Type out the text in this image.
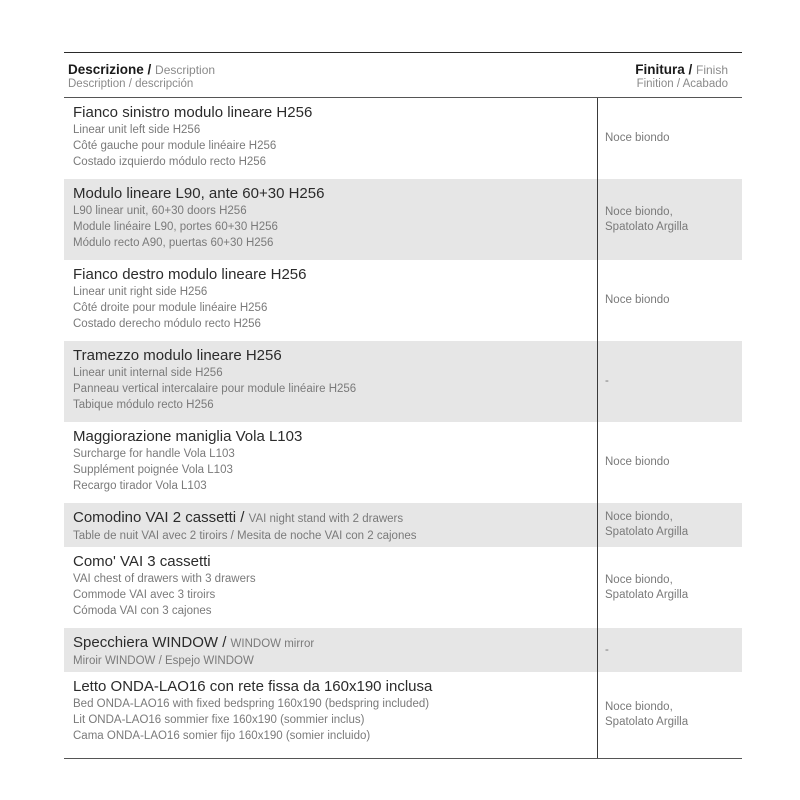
Descrizione / Description
Description / descripción
Finitura / Finish
Finition / Acabado
Fianco sinistro modulo lineare H256
Linear unit left side H256
Côté gauche pour module linéaire H256
Costado izquierdo módulo recto H256
Noce biondo
Modulo lineare L90, ante 60+30 H256
L90 linear unit, 60+30 doors H256
Module linéaire L90, portes 60+30 H256
Módulo recto A90, puertas 60+30 H256
Noce biondo,
Spatolato Argilla
Fianco destro modulo lineare H256
Linear unit right side H256
Côté droite pour module linéaire H256
Costado derecho módulo recto H256
Noce biondo
Tramezzo modulo lineare H256
Linear unit internal side H256
Panneau vertical intercalaire pour module linéaire H256
Tabique módulo recto H256
-
Maggiorazione maniglia Vola L103
Surcharge for handle Vola L103
Supplément poignée Vola L103
Recargo tirador Vola L103
Noce biondo
Comodino VAI 2 cassetti / VAI night stand with 2 drawers
Table de nuit VAI avec 2 tiroirs / Mesita de noche VAI con 2 cajones
Noce biondo,
Spatolato Argilla
Como' VAI 3 cassetti
VAI chest of drawers with 3 drawers
Commode VAI avec 3 tiroirs
Cómoda VAI con 3 cajones
Noce biondo,
Spatolato Argilla
Specchiera WINDOW / WINDOW mirror
Miroir WINDOW / Espejo WINDOW
-
Letto ONDA-LAO16 con rete fissa da 160x190 inclusa
Bed ONDA-LAO16 with fixed bedspring 160x190 (bedspring included)
Lit ONDA-LAO16 sommier fixe 160x190 (sommier inclus)
Cama ONDA-LAO16 somier fijo 160x190 (somier incluido)
Noce biondo,
Spatolato Argilla
